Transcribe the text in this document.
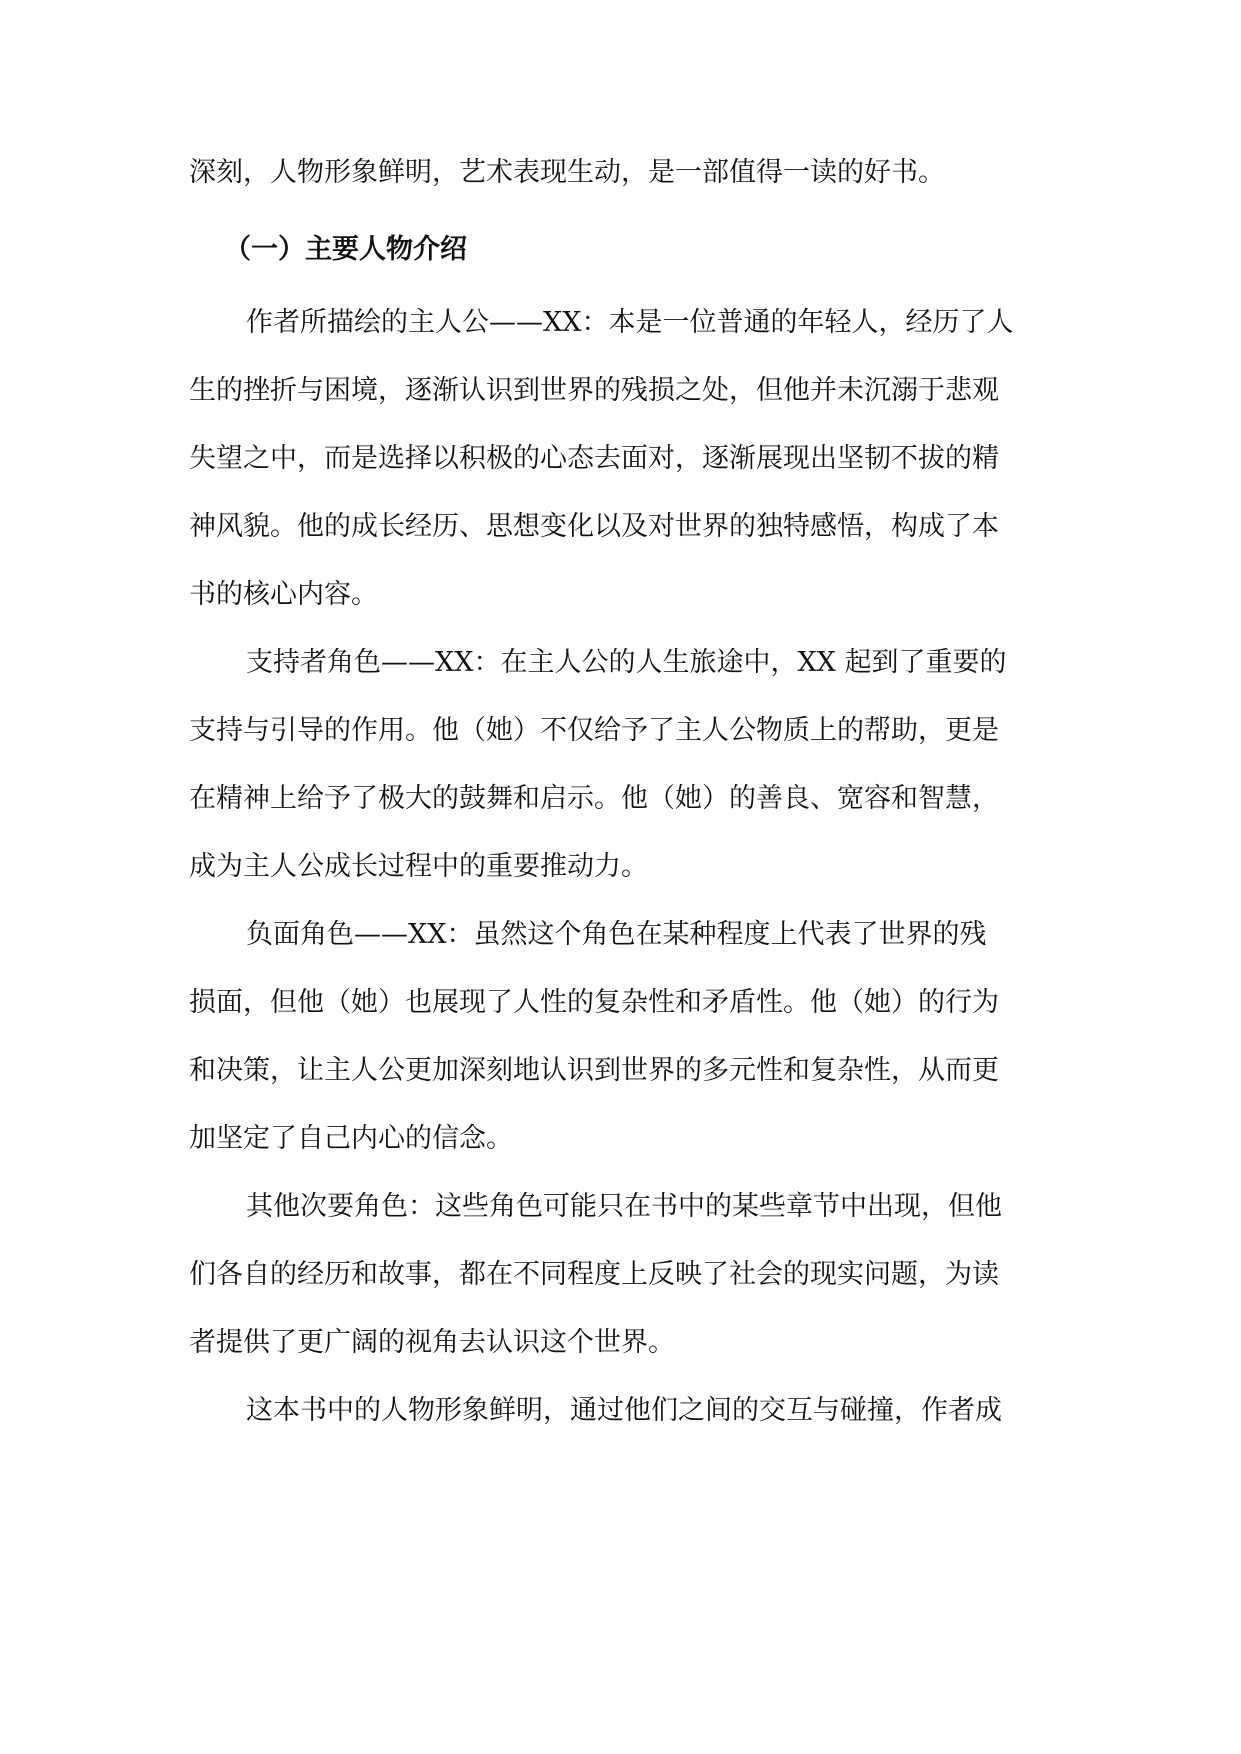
深刻，人物形象鲜明，艺术表现生动，是一部值得一读的好书。
（一）主要人物介绍
作者所描绘的主人公——XX：本是一位普通的年轻人，经历了人
生的挫折与困境，逐渐认识到世界的残损之处，但他并未沉溺于悲观
失望之中，而是选择以积极的心态去面对，逐渐展现出坚韧不拔的精
神风貌。他的成长经历、思想变化以及对世界的独特感悟，构成了本
书的核心内容。
支持者角色——XX：在主人公的人生旅途中，XX 起到了重要的
支持与引导的作用。他（她）不仅给予了主人公物质上的帮助，更是
在精神上给予了极大的鼓舞和启示。他（她）的善良、宽容和智慧，
成为主人公成长过程中的重要推动力。
负面角色——XX：虽然这个角色在某种程度上代表了世界的残
损面，但他（她）也展现了人性的复杂性和矛盾性。他（她）的行为
和决策，让主人公更加深刻地认识到世界的多元性和复杂性，从而更
加坚定了自己内心的信念。
其他次要角色：这些角色可能只在书中的某些章节中出现，但他
们各自的经历和故事，都在不同程度上反映了社会的现实问题，为读
者提供了更广阔的视角去认识这个世界。
这本书中的人物形象鲜明，通过他们之间的交互与碰撞，作者成
